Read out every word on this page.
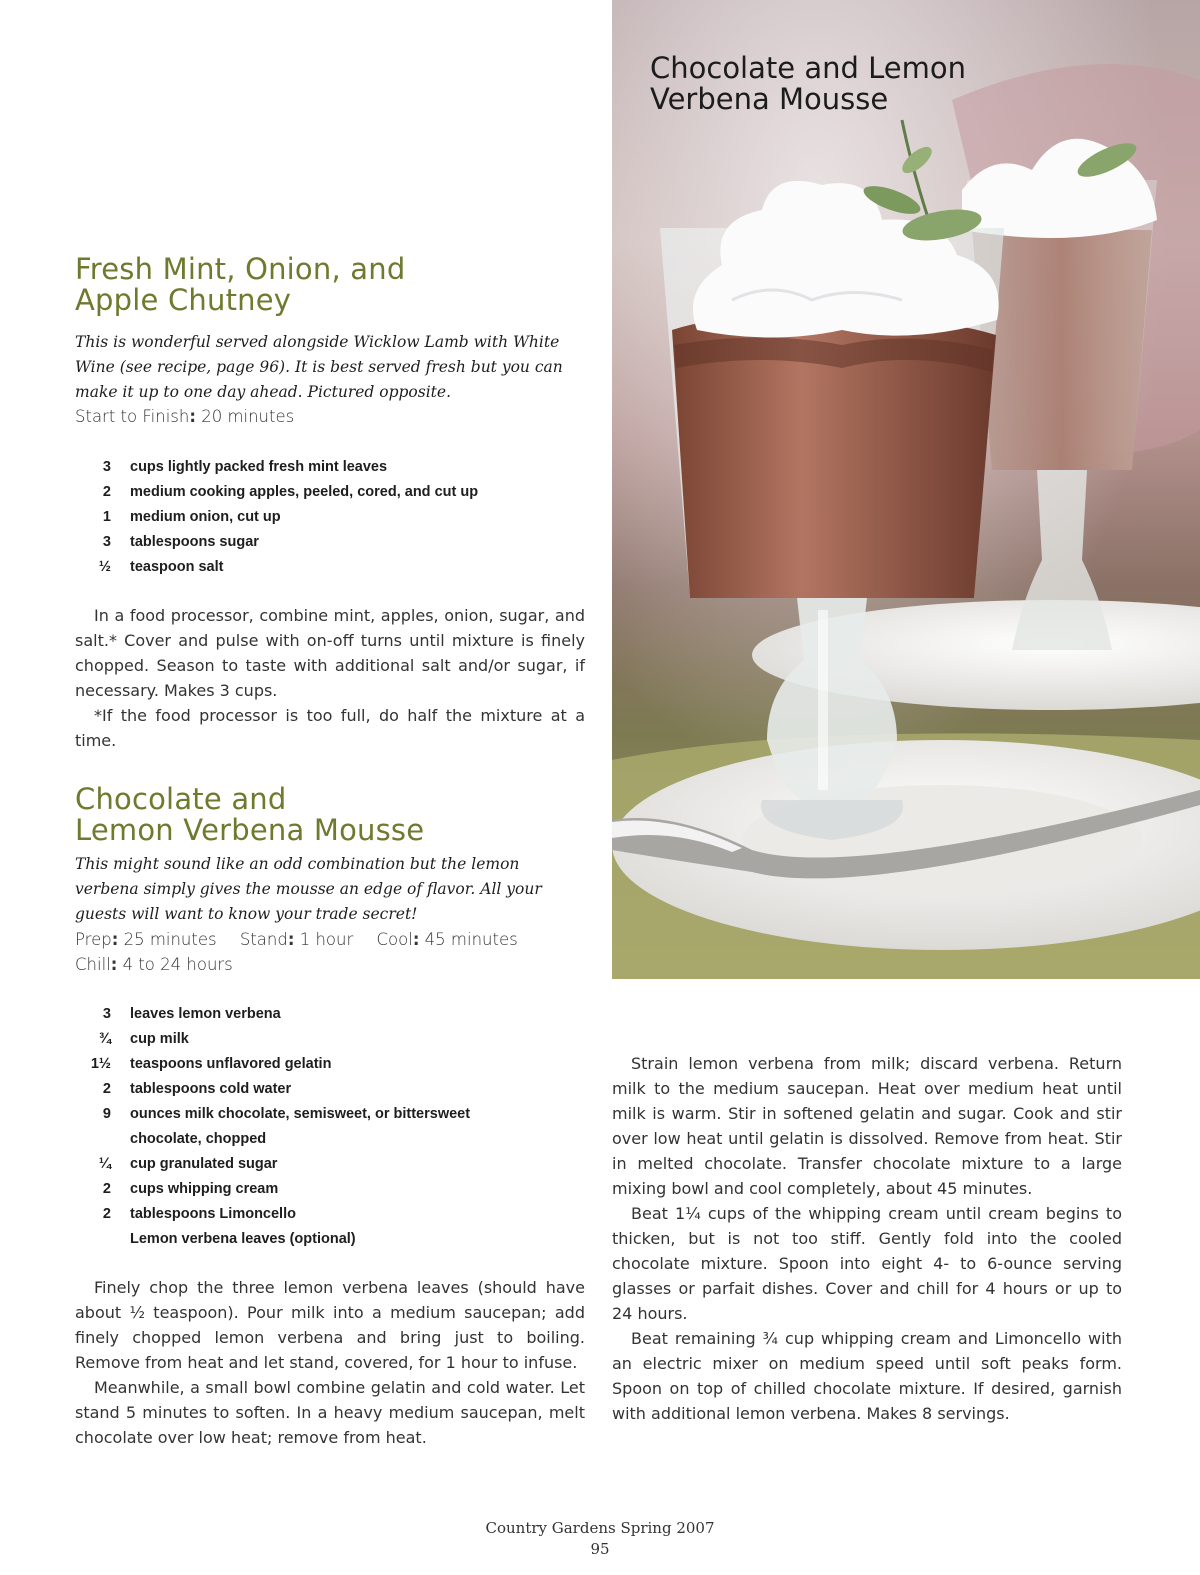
Fresh Mint, Onion, and
Apple Chutney

This is wonderful served alongside Wicklow Lamb with White Wine (see recipe, page 96). It is best served fresh but you can make it up to one day ahead. Pictured opposite.

Start to Finish: 20 minutes

3 cups lightly packed fresh mint leaves
2 medium cooking apples, peeled, cored, and cut up
1 medium onion, cut up
3 tablespoons sugar
½ teaspoon salt

In a food processor, combine mint, apples, onion, sugar, and salt.* Cover and pulse with on-off turns until mixture is finely chopped. Season to taste with additional salt and/or sugar, if necessary. Makes 3 cups.

*If the food processor is too full, do half the mixture at a time.

Chocolate and
Lemon Verbena Mousse

This might sound like an odd combination but the lemon verbena simply gives the mousse an edge of flavor. All your guests will want to know your trade secret!

Prep: 25 minutes Stand: 1 hour Cool: 45 minutes
Chill: 4 to 24 hours

3 leaves lemon verbena
¾ cup milk
1½ teaspoons unflavored gelatin
2 tablespoons cold water
9 ounces milk chocolate, semisweet, or bittersweet
chocolate, chopped
¼ cup granulated sugar
2 cups whipping cream
2 tablespoons Limoncello
Lemon verbena leaves (optional)

Finely chop the three lemon verbena leaves (should have about ½ teaspoon). Pour milk into a medium saucepan; add finely chopped lemon verbena and bring just to boiling. Remove from heat and let stand, covered, for 1 hour to infuse.

Meanwhile, a small bowl combine gelatin and cold water. Let stand 5 minutes to soften. In a heavy medium saucepan, melt chocolate over low heat; remove from heat.

Strain lemon verbena from milk; discard verbena. Return milk to the medium saucepan. Heat over medium heat until milk is warm. Stir in softened gelatin and sugar. Cook and stir over low heat until gelatin is dissolved. Remove from heat. Stir in melted chocolate. Transfer chocolate mixture to a large mixing bowl and cool completely, about 45 minutes.

Beat 1¼ cups of the whipping cream until cream begins to thicken, but is not too stiff. Gently fold into the cooled chocolate mixture. Spoon into eight 4- to 6-ounce serving glasses or parfait dishes. Cover and chill for 4 hours or up to 24 hours.

Beat remaining ¾ cup whipping cream and Limoncello with an electric mixer on medium speed until soft peaks form. Spoon on top of chilled chocolate mixture. If desired, garnish with additional lemon verbena. Makes 8 servings.

Chocolate and Lemon
Verbena Mousse
Country Gardens Spring 2007
95
